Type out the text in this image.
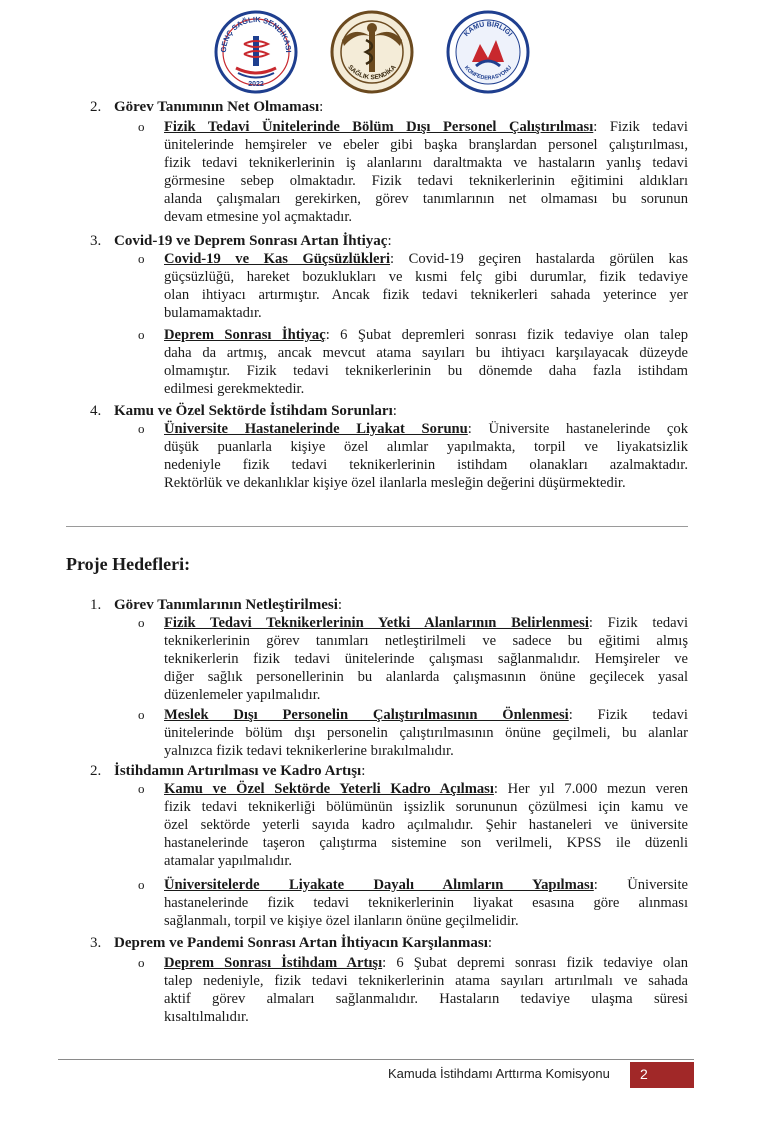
GENÇ SAĞLIK SENDİKASI
2022
SAĞLIK SENDİKA
KAMU BİRLİĞİ
KONFEDERASYONU
2. Görev Tanımının Net Olmaması:
o Fizik Tedavi Ünitelerinde Bölüm Dışı Personel Çalıştırılması: Fizik tedavi
ünitelerinde hemşireler ve ebeler gibi başka branşlardan personel çalıştırılması,
fizik tedavi teknikerlerinin iş alanlarını daraltmakta ve hastaların yanlış tedavi
görmesine sebep olmaktadır. Fizik tedavi teknikerlerinin eğitimini aldıkları
alanda çalışmaları gerekirken, görev tanımlarının net olmaması bu sorunun
devam etmesine yol açmaktadır.
3. Covid-19 ve Deprem Sonrası Artan İhtiyaç:
o Covid-19 ve Kas Güçsüzlükleri: Covid-19 geçiren hastalarda görülen kas
güçsüzlüğü, hareket bozuklukları ve kısmi felç gibi durumlar, fizik tedaviye
olan ihtiyacı artırmıştır. Ancak fizik tedavi teknikerleri sahada yeterince yer
bulamamaktadır.
o Deprem Sonrası İhtiyaç: 6 Şubat depremleri sonrası fizik tedaviye olan talep
daha da artmış, ancak mevcut atama sayıları bu ihtiyacı karşılayacak düzeyde
olmamıştır. Fizik tedavi teknikerlerinin bu dönemde daha fazla istihdam
edilmesi gerekmektedir.
4. Kamu ve Özel Sektörde İstihdam Sorunları:
o Üniversite Hastanelerinde Liyakat Sorunu: Üniversite hastanelerinde çok
düşük puanlarla kişiye özel alımlar yapılmakta, torpil ve liyakatsizlik
nedeniyle fizik tedavi teknikerlerinin istihdam olanakları azalmaktadır.
Rektörlük ve dekanlıklar kişiye özel ilanlarla mesleğin değerini düşürmektedir.
1. Görev Tanımlarının Netleştirilmesi:
o Fizik Tedavi Teknikerlerinin Yetki Alanlarının Belirlenmesi: Fizik tedavi
teknikerlerinin görev tanımları netleştirilmeli ve sadece bu eğitimi almış
teknikerlerin fizik tedavi ünitelerinde çalışması sağlanmalıdır. Hemşireler ve
diğer sağlık personellerinin bu alanlarda çalışmasının önüne geçilecek yasal
düzenlemeler yapılmalıdır.
o Meslek Dışı Personelin Çalıştırılmasının Önlenmesi: Fizik tedavi
ünitelerinde bölüm dışı personelin çalıştırılmasının önüne geçilmeli, bu alanlar
yalnızca fizik tedavi teknikerlerine bırakılmalıdır.
2. İstihdamın Artırılması ve Kadro Artışı:
o Kamu ve Özel Sektörde Yeterli Kadro Açılması: Her yıl 7.000 mezun veren
fizik tedavi teknikerliği bölümünün işsizlik sorununun çözülmesi için kamu ve
özel sektörde yeterli sayıda kadro açılmalıdır. Şehir hastaneleri ve üniversite
hastanelerinde taşeron çalıştırma sistemine son verilmeli, KPSS ile düzenli
atamalar yapılmalıdır.
o Üniversitelerde Liyakate Dayalı Alımların Yapılması: Üniversite
hastanelerinde fizik tedavi teknikerlerinin liyakat esasına göre alınması
sağlanmalı, torpil ve kişiye özel ilanların önüne geçilmelidir.
3. Deprem ve Pandemi Sonrası Artan İhtiyacın Karşılanması:
o Deprem Sonrası İstihdam Artışı: 6 Şubat depremi sonrası fizik tedaviye olan
talep nedeniyle, fizik tedavi teknikerlerinin atama sayıları artırılmalı ve sahada
aktif görev almaları sağlanmalıdır. Hastaların tedaviye ulaşma süresi
kısaltılmalıdır.
Proje Hedefleri:
Kamuda İstihdamı Arttırma Komisyonu 2
